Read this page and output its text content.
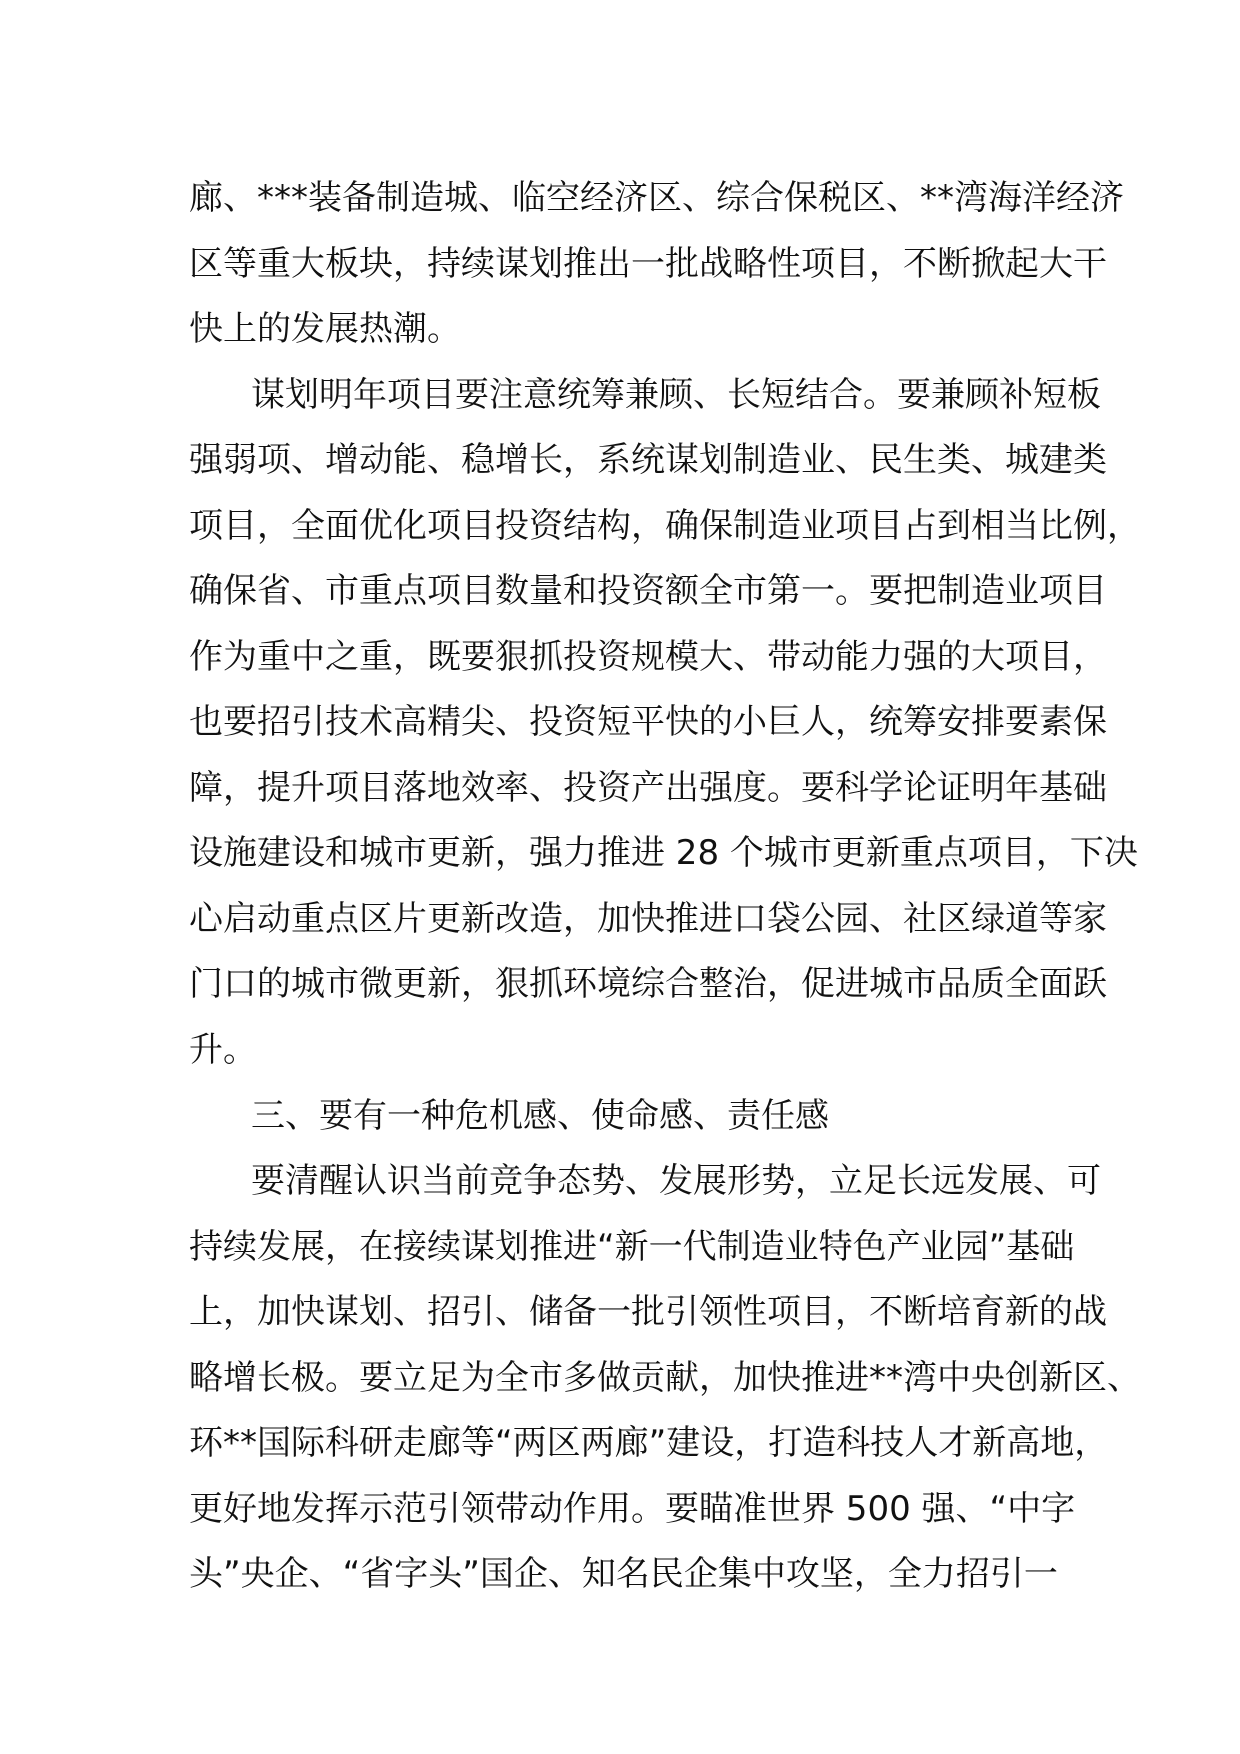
廊、***装备制造城、临空经济区、综合保税区、**湾海洋经济
区等重大板块，持续谋划推出一批战略性项目，不断掀起大干
快上的发展热潮。
谋划明年项目要注意统筹兼顾、长短结合。要兼顾补短板
强弱项、增动能、稳增长，系统谋划制造业、民生类、城建类
项目，全面优化项目投资结构，确保制造业项目占到相当比例，
确保省、市重点项目数量和投资额全市第一。要把制造业项目
作为重中之重，既要狠抓投资规模大、带动能力强的大项目，
也要招引技术高精尖、投资短平快的小巨人，统筹安排要素保
障，提升项目落地效率、投资产出强度。要科学论证明年基础
设施建设和城市更新，强力推进 28 个城市更新重点项目，下决
心启动重点区片更新改造，加快推进口袋公园、社区绿道等家
门口的城市微更新，狠抓环境综合整治，促进城市品质全面跃
升。
三、要有一种危机感、使命感、责任感
要清醒认识当前竞争态势、发展形势，立足长远发展、可
持续发展，在接续谋划推进“新一代制造业特色产业园”基础
上，加快谋划、招引、储备一批引领性项目，不断培育新的战
略增长极。要立足为全市多做贡献，加快推进**湾中央创新区、
环**国际科研走廊等“两区两廊”建设，打造科技人才新高地，
更好地发挥示范引领带动作用。要瞄准世界 500 强、“中字
头”央企、“省字头”国企、知名民企集中攻坚，全力招引一
